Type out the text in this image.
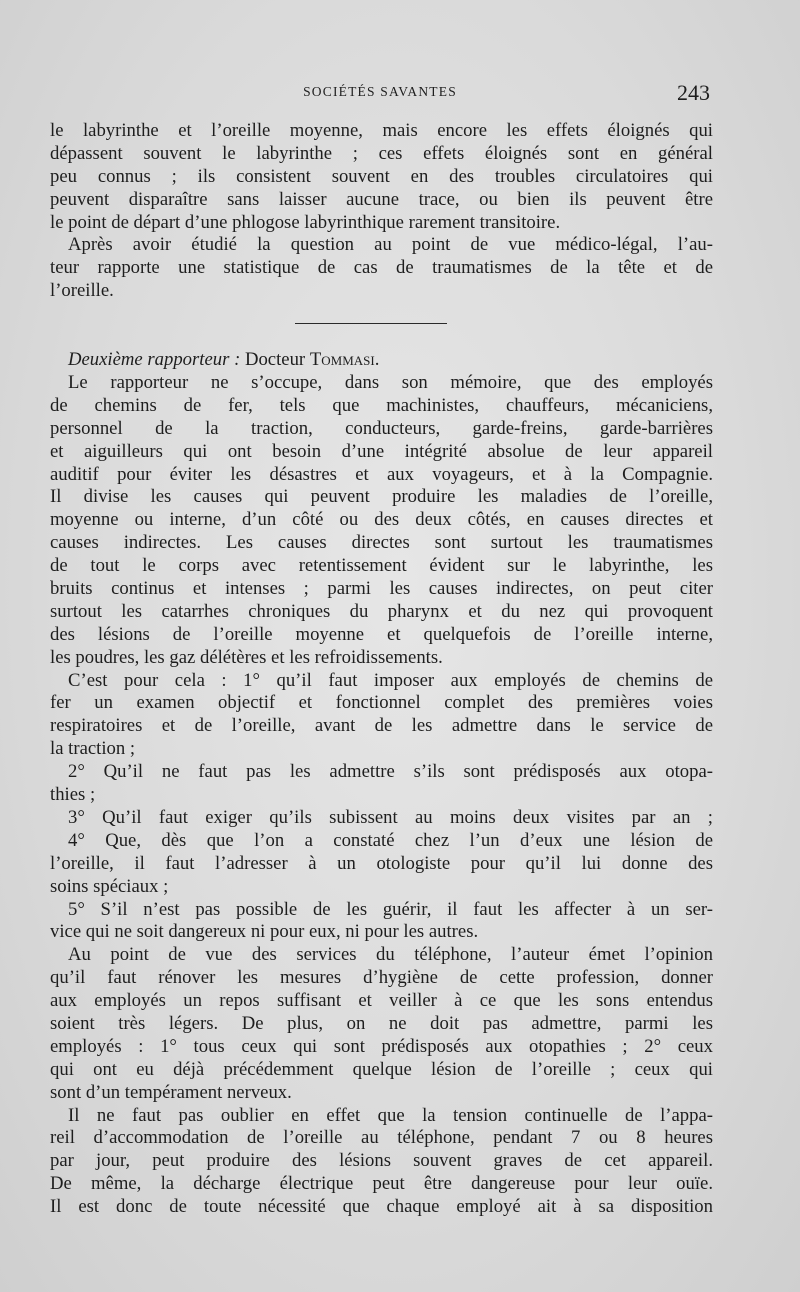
SOCIÉTÉS SAVANTES	243
le labyrinthe et l’oreille moyenne, mais encore les effets éloignés qui
dépassent souvent le labyrinthe ; ces effets éloignés sont en général
peu connus ; ils consistent souvent en des troubles circulatoires qui
peuvent disparaître sans laisser aucune trace, ou bien ils peuvent être
le point de départ d’une phlogose labyrinthique rarement transitoire.
Après avoir étudié la question au point de vue médico-légal, l’au-
teur rapporte une statistique de cas de traumatismes de la tête et de
l’oreille.
Deuxième rapporteur : Docteur Tommasi.
Le rapporteur ne s’occupe, dans son mémoire, que des employés
de chemins de fer, tels que machinistes, chauffeurs, mécaniciens,
personnel de la traction, conducteurs, garde-freins, garde-barrières
et aiguilleurs qui ont besoin d’une intégrité absolue de leur appareil
auditif pour éviter les désastres et aux voyageurs, et à la Compagnie.
Il divise les causes qui peuvent produire les maladies de l’oreille,
moyenne ou interne, d’un côté ou des deux côtés, en causes directes et
causes indirectes. Les causes directes sont surtout les traumatismes
de tout le corps avec retentissement évident sur le labyrinthe, les
bruits continus et intenses ; parmi les causes indirectes, on peut citer
surtout les catarrhes chroniques du pharynx et du nez qui provoquent
des lésions de l’oreille moyenne et quelquefois de l’oreille interne,
les poudres, les gaz délétères et les refroidissements.
C’est pour cela : 1° qu’il faut imposer aux employés de chemins de
fer un examen objectif et fonctionnel complet des premières voies
respiratoires et de l’oreille, avant de les admettre dans le service de
la traction ;
2° Qu’il ne faut pas les admettre s’ils sont prédisposés aux otopa-
thies ;
3° Qu’il faut exiger qu’ils subissent au moins deux visites par an ;
4° Que, dès que l’on a constaté chez l’un d’eux une lésion de
l’oreille, il faut l’adresser à un otologiste pour qu’il lui donne des
soins spéciaux ;
5° S’il n’est pas possible de les guérir, il faut les affecter à un ser-
vice qui ne soit dangereux ni pour eux, ni pour les autres.
Au point de vue des services du téléphone, l’auteur émet l’opinion
qu’il faut rénover les mesures d’hygiène de cette profession, donner
aux employés un repos suffisant et veiller à ce que les sons entendus
soient très légers. De plus, on ne doit pas admettre, parmi les
employés : 1° tous ceux qui sont prédisposés aux otopathies ; 2° ceux
qui ont eu déjà précédemment quelque lésion de l’oreille ; ceux qui
sont d’un tempérament nerveux.
Il ne faut pas oublier en effet que la tension continuelle de l’appa-
reil d’accommodation de l’oreille au téléphone, pendant 7 ou 8 heures
par jour, peut produire des lésions souvent graves de cet appareil.
De même, la décharge électrique peut être dangereuse pour leur ouïe.
Il est donc de toute nécessité que chaque employé ait à sa disposition
